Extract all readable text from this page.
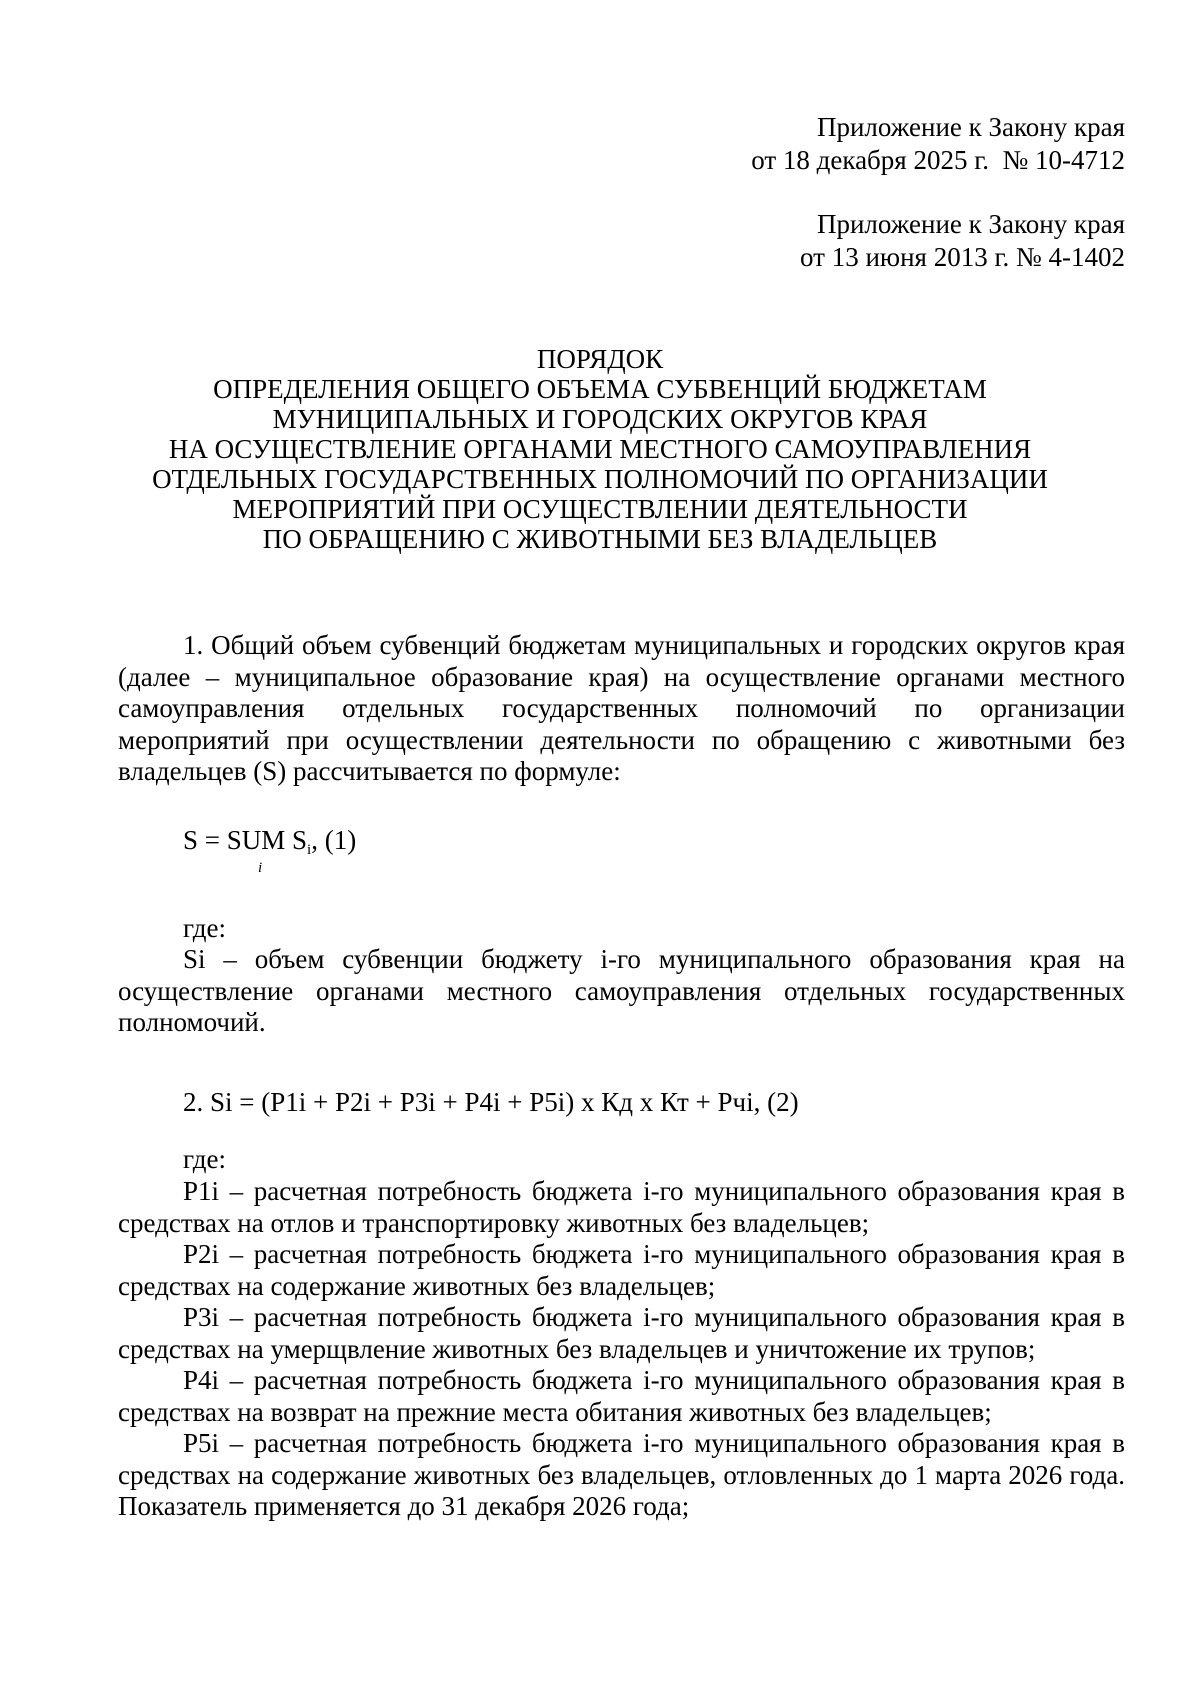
Приложение к Закону края
от 18 декабря 2025 г.  № 10-4712
Приложение к Закону края
от 13 июня 2013 г. № 4-1402
ПОРЯДОК
ОПРЕДЕЛЕНИЯ ОБЩЕГО ОБЪЕМА СУБВЕНЦИЙ БЮДЖЕТАМ
МУНИЦИПАЛЬНЫХ И ГОРОДСКИХ ОКРУГОВ КРАЯ
НА ОСУЩЕСТВЛЕНИЕ ОРГАНАМИ МЕСТНОГО САМОУПРАВЛЕНИЯ
ОТДЕЛЬНЫХ ГОСУДАРСТВЕННЫХ ПОЛНОМОЧИЙ ПО ОРГАНИЗАЦИИ
МЕРОПРИЯТИЙ ПРИ ОСУЩЕСТВЛЕНИИ ДЕЯТЕЛЬНОСТИ
ПО ОБРАЩЕНИЮ С ЖИВОТНЫМИ БЕЗ ВЛАДЕЛЬЦЕВ
1. Общий объем субвенций бюджетам муниципальных и городских округов края (далее – муниципальное образование края) на осуществление органами местного самоуправления отдельных государственных полномочий по организации мероприятий при осуществлении деятельности по обращению с животными без владельцев (S) рассчитывается по формуле:
S = SUM Si, (1)
i
где:
Si – объем субвенции бюджету i-го муниципального образования края на осуществление органами местного самоуправления отдельных государственных полномочий.
2. Si = (P1i + P2i + P3i + P4i + P5i) х Кд х Кт + Рчi, (2)
где:
P1i – расчетная потребность бюджета i-го муниципального образования края в средствах на отлов и транспортировку животных без владельцев;
P2i – расчетная потребность бюджета i-го муниципального образования края в средствах на содержание животных без владельцев;
P3i – расчетная потребность бюджета i-го муниципального образования края в средствах на умерщвление животных без владельцев и уничтожение их трупов;
P4i – расчетная потребность бюджета i-го муниципального образования края в средствах на возврат на прежние места обитания животных без владельцев;
P5i – расчетная потребность бюджета i-го муниципального образования края в средствах на содержание животных без владельцев, отловленных до 1 марта 2026 года. Показатель применяется до 31 декабря 2026 года;
